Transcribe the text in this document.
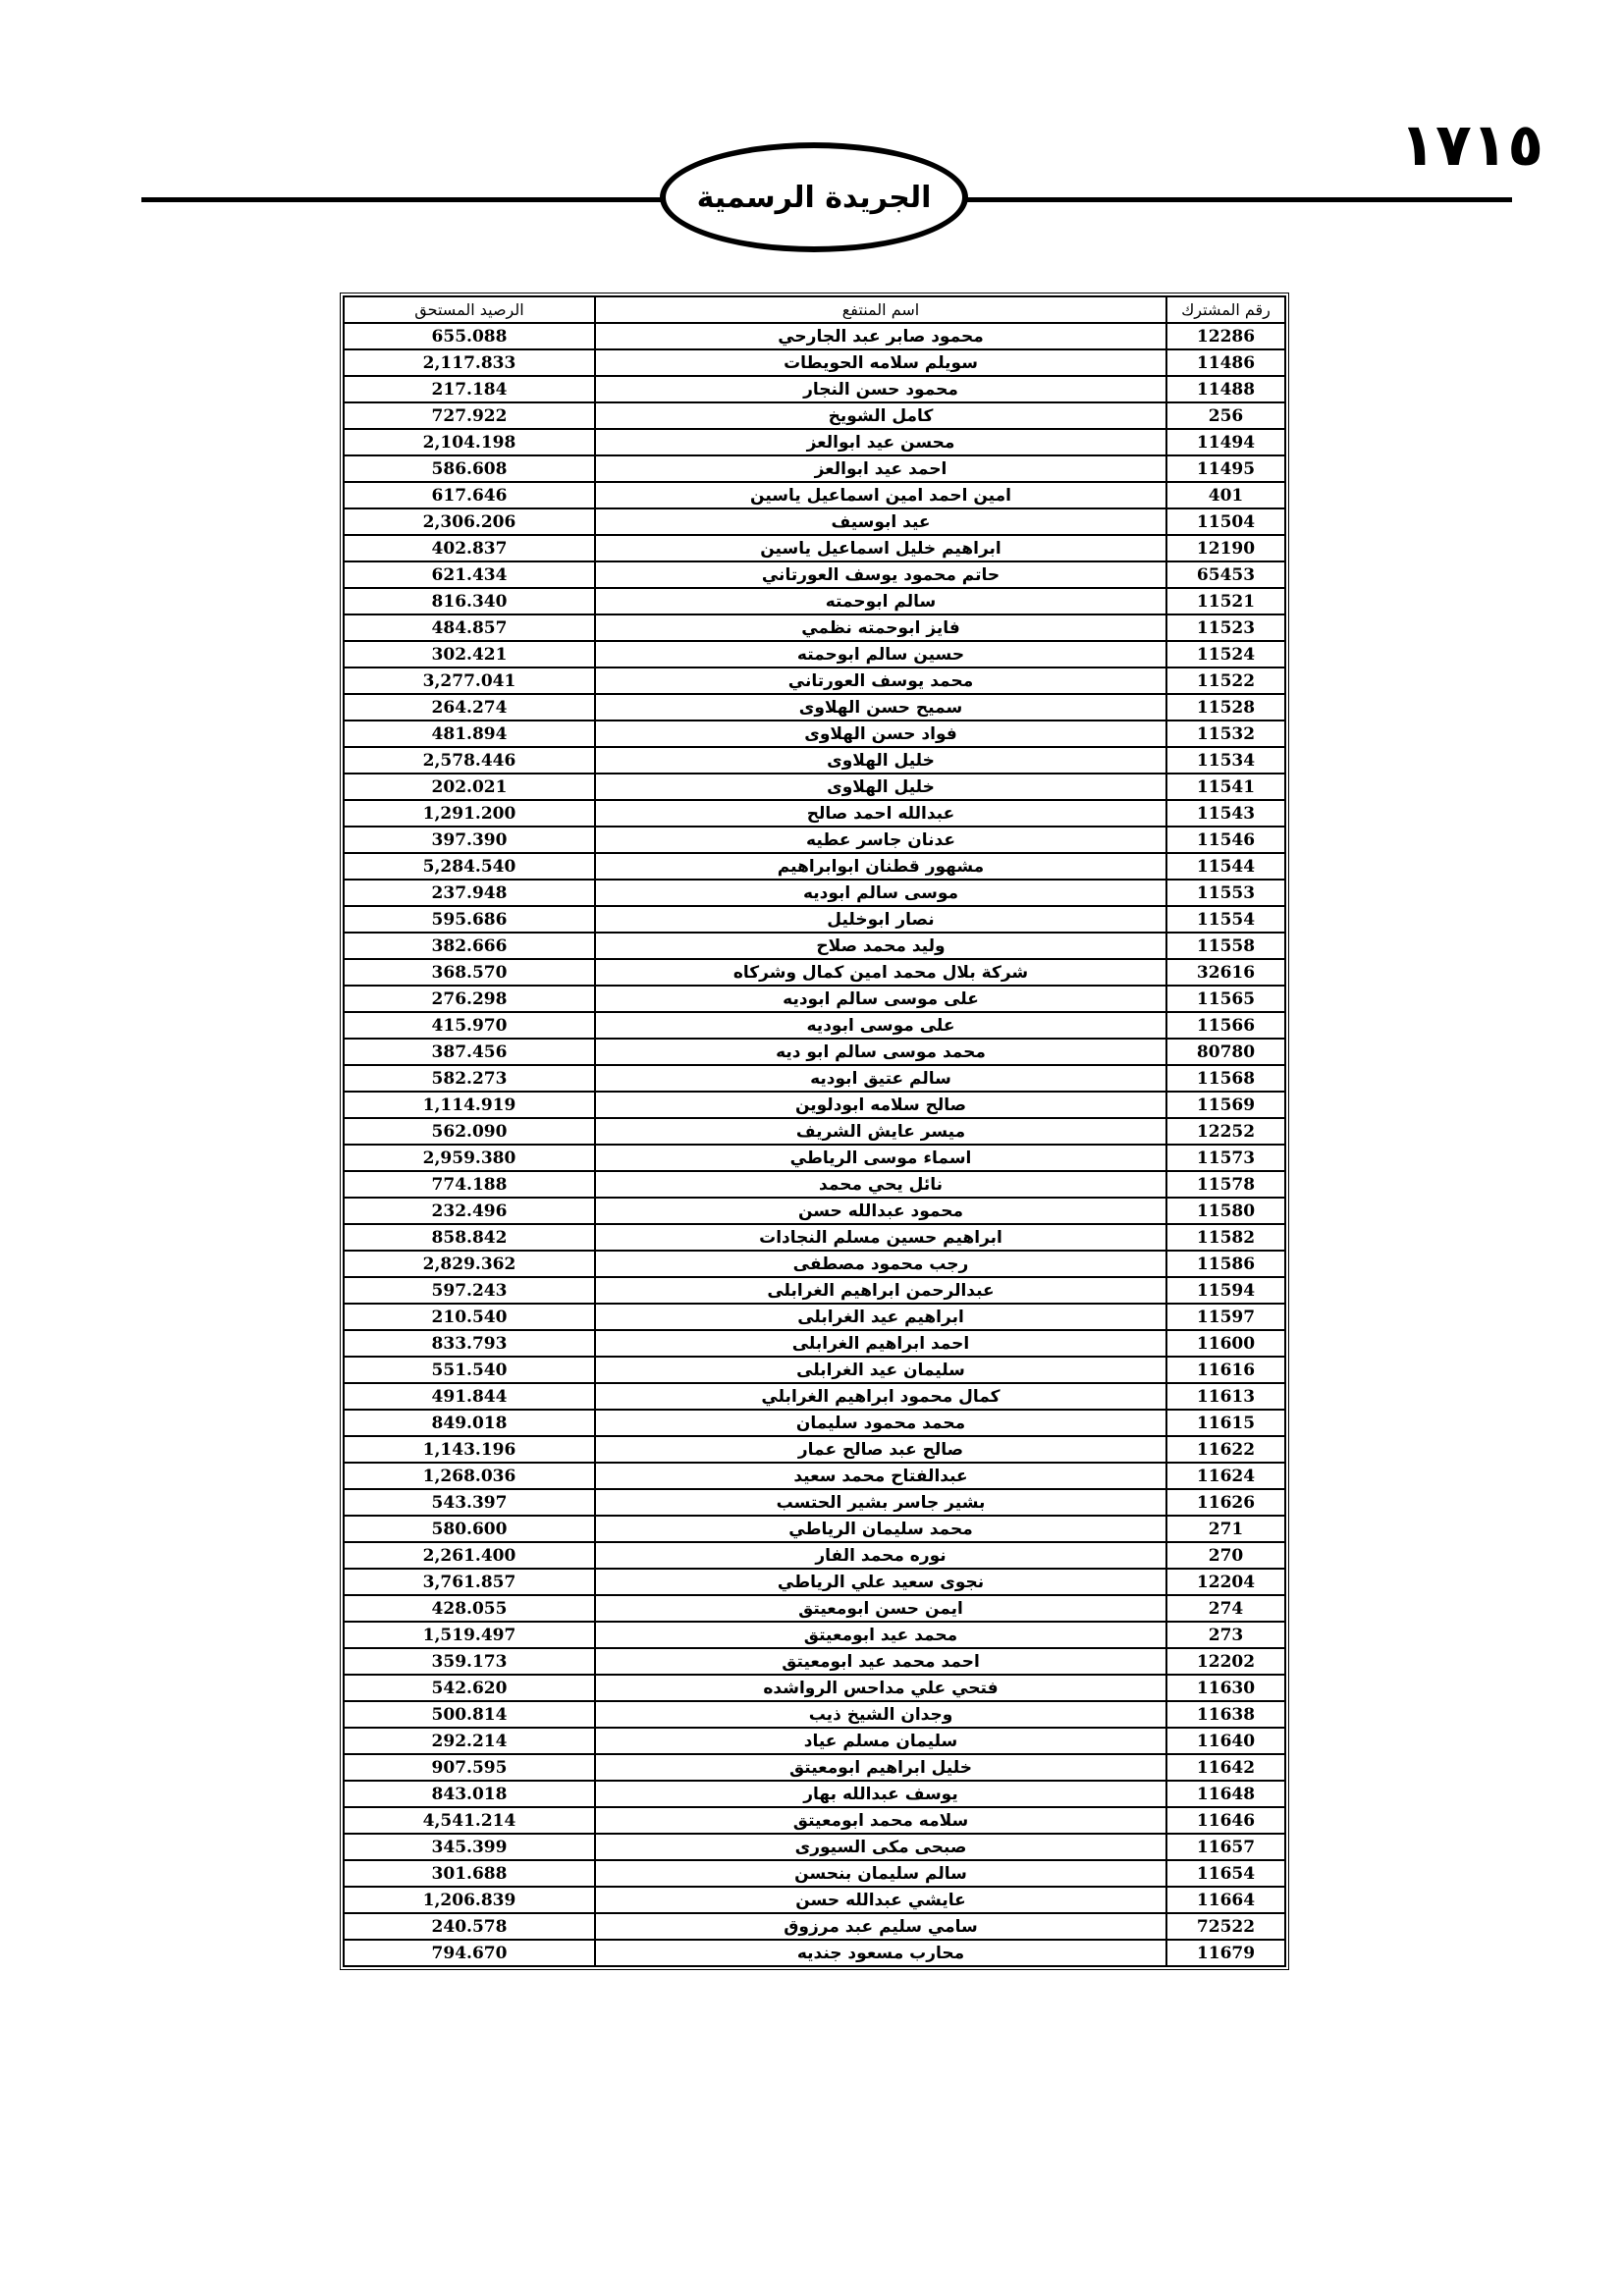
١٧١٥
الجريدة الرسمية
الرصيد المستحق	اسم المنتفع	رقم المشترك
655.088	محمود صابر عبد الجارحي	12286
2,117.833	سويلم سلامه الحويطات	11486
217.184	محمود حسن النجار	11488
727.922	كامل الشويخ	256
2,104.198	محسن عيد ابوالعز	11494
586.608	احمد عيد ابوالعز	11495
617.646	امين احمد امين اسماعيل ياسين	401
2,306.206	عيد ابوسيف	11504
402.837	ابراهيم خليل اسماعيل ياسين	12190
621.434	حاتم محمود يوسف العورتاني	65453
816.340	سالم ابوحمته	11521
484.857	فايز ابوحمته نظمي	11523
302.421	حسين سالم ابوحمته	11524
3,277.041	محمد يوسف العورتاني	11522
264.274	سميح حسن الهلاوى	11528
481.894	فواد حسن الهلاوى	11532
2,578.446	خليل الهلاوى	11534
202.021	خليل الهلاوى	11541
1,291.200	عبدالله احمد صالح	11543
397.390	عدنان جاسر عطيه	11546
5,284.540	مشهور قطنان ابوابراهيم	11544
237.948	موسى سالم ابوديه	11553
595.686	نصار ابوخليل	11554
382.666	وليد محمد صلاح	11558
368.570	شركة بلال محمد امين كمال وشركاه	32616
276.298	على موسى سالم ابوديه	11565
415.970	على موسى ابوديه	11566
387.456	محمد موسى سالم ابو ديه	80780
582.273	سالم عتيق ابوديه	11568
1,114.919	صالح سلامه ابودلوين	11569
562.090	ميسر عايش الشريف	12252
2,959.380	اسماء موسى الرياطي	11573
774.188	نائل يحي محمد	11578
232.496	محمود عبدالله حسن	11580
858.842	ابراهيم حسين مسلم النجادات	11582
2,829.362	رجب محمود مصطفى	11586
597.243	عبدالرحمن ابراهيم الغرابلى	11594
210.540	ابراهيم عيد الغرابلى	11597
833.793	احمد ابراهيم الغرابلى	11600
551.540	سليمان عيد الغرابلى	11616
491.844	كمال محمود ابراهيم الغرابلي	11613
849.018	محمد محمود سليمان	11615
1,143.196	صالح عبد صالح عمار	11622
1,268.036	عبدالفتاح محمد سعيد	11624
543.397	بشير جاسر بشير الحتسب	11626
580.600	محمد سليمان الرياطي	271
2,261.400	نوره محمد الفار	270
3,761.857	نجوى سعيد علي الرياطي	12204
428.055	ايمن حسن ابومعيتق	274
1,519.497	محمد عيد ابومعيتق	273
359.173	احمد محمد عيد ابومعيتق	12202
542.620	فتحي علي مداحس الرواشده	11630
500.814	وجدان الشيخ ذيب	11638
292.214	سليمان مسلم عياد	11640
907.595	خليل ابراهيم ابومعيتق	11642
843.018	يوسف عبدالله بهار	11648
4,541.214	سلامه محمد ابومعيتق	11646
345.399	صبحى مكى السيورى	11657
301.688	سالم سليمان بنحسن	11654
1,206.839	عايشي عبدالله حسن	11664
240.578	سامي سليم عبد مرزوق	72522
794.670	محارب مسعود جنديه	11679
